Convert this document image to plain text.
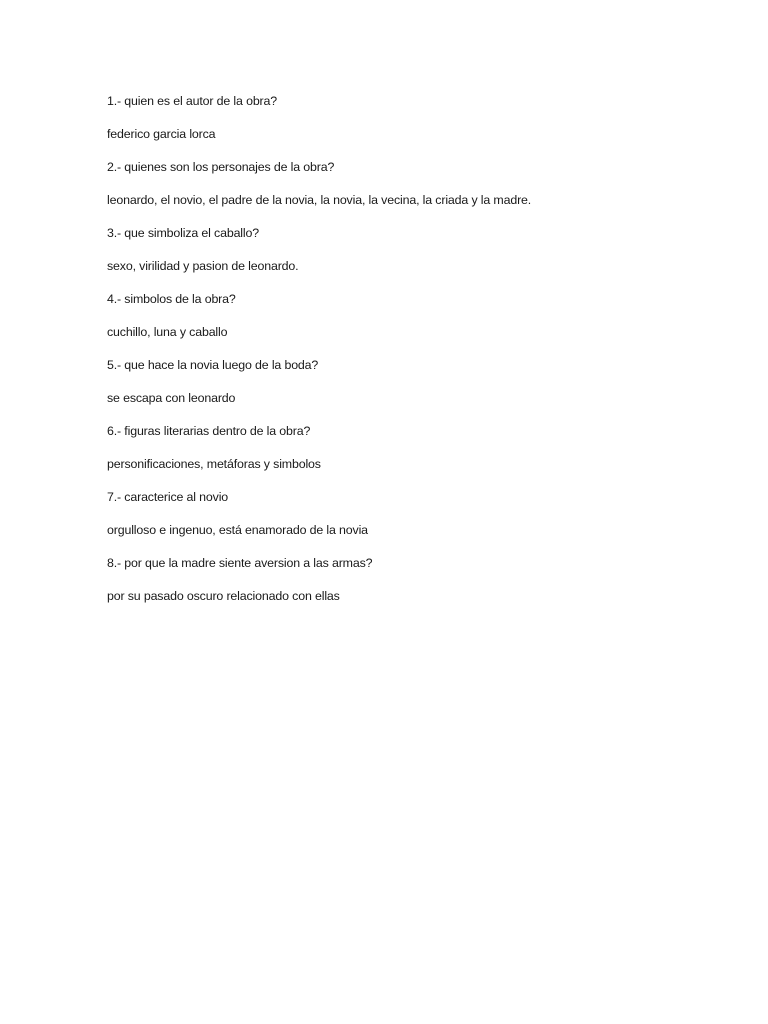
1.- quien es el autor de la obra?
federico garcia lorca
2.- quienes son los personajes de la obra?
leonardo, el novio, el padre de la novia, la novia, la vecina, la criada y la madre.
3.- que simboliza el caballo?
sexo, virilidad y pasion de leonardo.
4.- simbolos de la obra?
cuchillo, luna y caballo
5.- que hace la novia luego de la boda?
se escapa con leonardo
6.- figuras literarias dentro de la obra?
personificaciones, metáforas y simbolos
7.- caracterice al novio
orgulloso e ingenuo, está enamorado de la novia
8.- por que la madre siente aversion a las armas?
por su pasado oscuro relacionado con ellas
